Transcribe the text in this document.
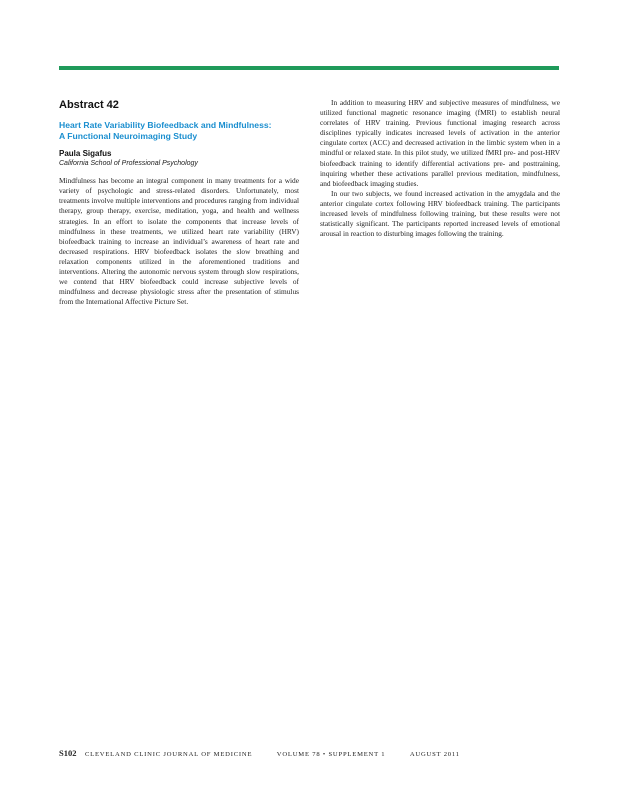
Abstract 42
Heart Rate Variability Biofeedback and Mindfulness:
A Functional Neuroimaging Study
Paula Sigafus
California School of Professional Psychology

Mindfulness has become an integral component in many treatments for a wide variety of psychologic and stress-related disorders. Unfortunately, most treatments involve multiple interventions and procedures ranging from individual therapy, group therapy, exercise, meditation, yoga, and health and wellness strategies. In an effort to isolate the components that increase levels of mindfulness in these treatments, we utilized heart rate variability (HRV) biofeedback training to increase an individual’s awareness of heart rate and decreased respirations. HRV biofeedback isolates the slow breathing and relaxation components utilized in the aforementioned traditions and interventions. Altering the autonomic nervous system through slow respirations, we contend that HRV biofeedback could increase subjective levels of mindfulness and decrease physiologic stress after the presentation of stimulus from the International Affective Picture Set.

In addition to measuring HRV and subjective measures of mindfulness, we utilized functional magnetic resonance imaging (fMRI) to establish neural correlates of HRV training. Previous functional imaging research across disciplines typically indicates increased levels of activation in the anterior cingulate cortex (ACC) and decreased activation in the limbic system when in a mindful or relaxed state. In this pilot study, we utilized fMRI pre- and post-HRV biofeedback training to identify differential activations pre- and posttraining, inquiring whether these activations parallel previous meditation, mindfulness, and biofeedback imaging studies.

In our two subjects, we found increased activation in the amygdala and the anterior cingulate cortex following HRV biofeedback training. The participants increased levels of mindfulness following training, but these results were not statistically significant. The participants reported increased levels of emotional arousal in reaction to disturbing images following the training.

S102 CLEVELAND CLINIC JOURNAL OF MEDICINE	VOLUME 78 • SUPPLEMENT 1	AUGUST 2011
